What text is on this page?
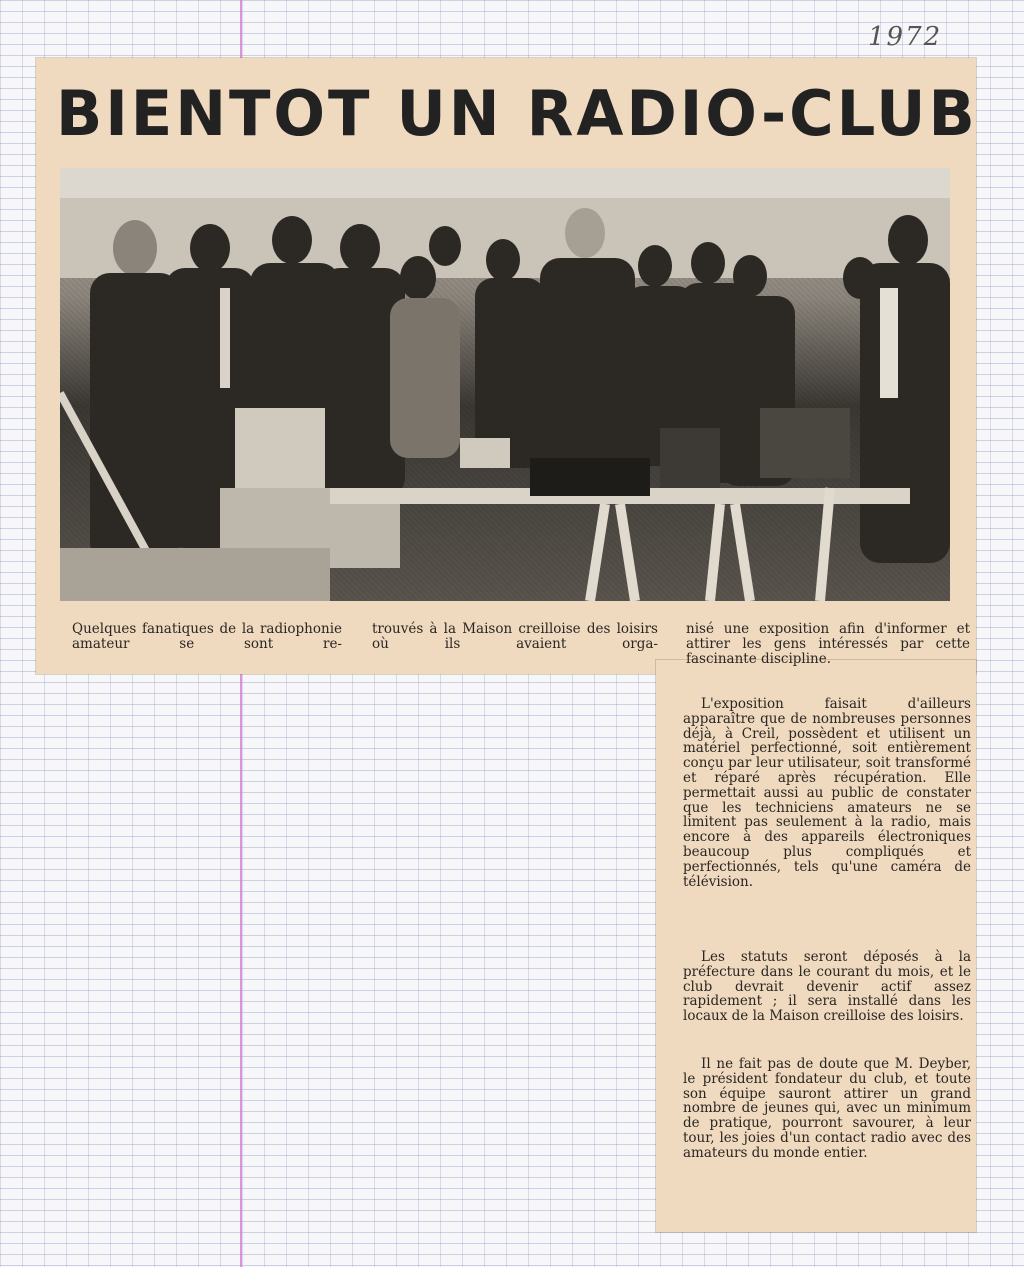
1972
BIENTOT UN RADIO-CLUB
Quelques fanatiques de la radiophonie amateur se sont re-
trouvés à la Maison creilloise des loisirs où ils avaient orga-
nisé une exposition afin d'informer et attirer les gens intéressés par cette fascinante discipline.

L'exposition faisait d'ailleurs apparaître que de nombreuses personnes déjà, à Creil, possèdent et utilisent un matériel perfectionné, soit entièrement conçu par leur utilisateur, soit transformé et réparé après récupération. Elle permettait aussi au public de constater que les techniciens amateurs ne se limitent pas seulement à la radio, mais encore à des appareils électroniques beaucoup plus compliqués et perfectionnés, tels qu'une caméra de télévision.

Les statuts seront déposés à la préfecture dans le courant du mois, et le club devrait devenir actif assez rapidement ; il sera installé dans les locaux de la Maison creilloise des loisirs.

Il ne fait pas de doute que M. Deyber, le président fondateur du club, et toute son équipe sauront attirer un grand nombre de jeunes qui, avec un minimum de pratique, pourront savourer, à leur tour, les joies d'un contact radio avec des amateurs du monde entier.
